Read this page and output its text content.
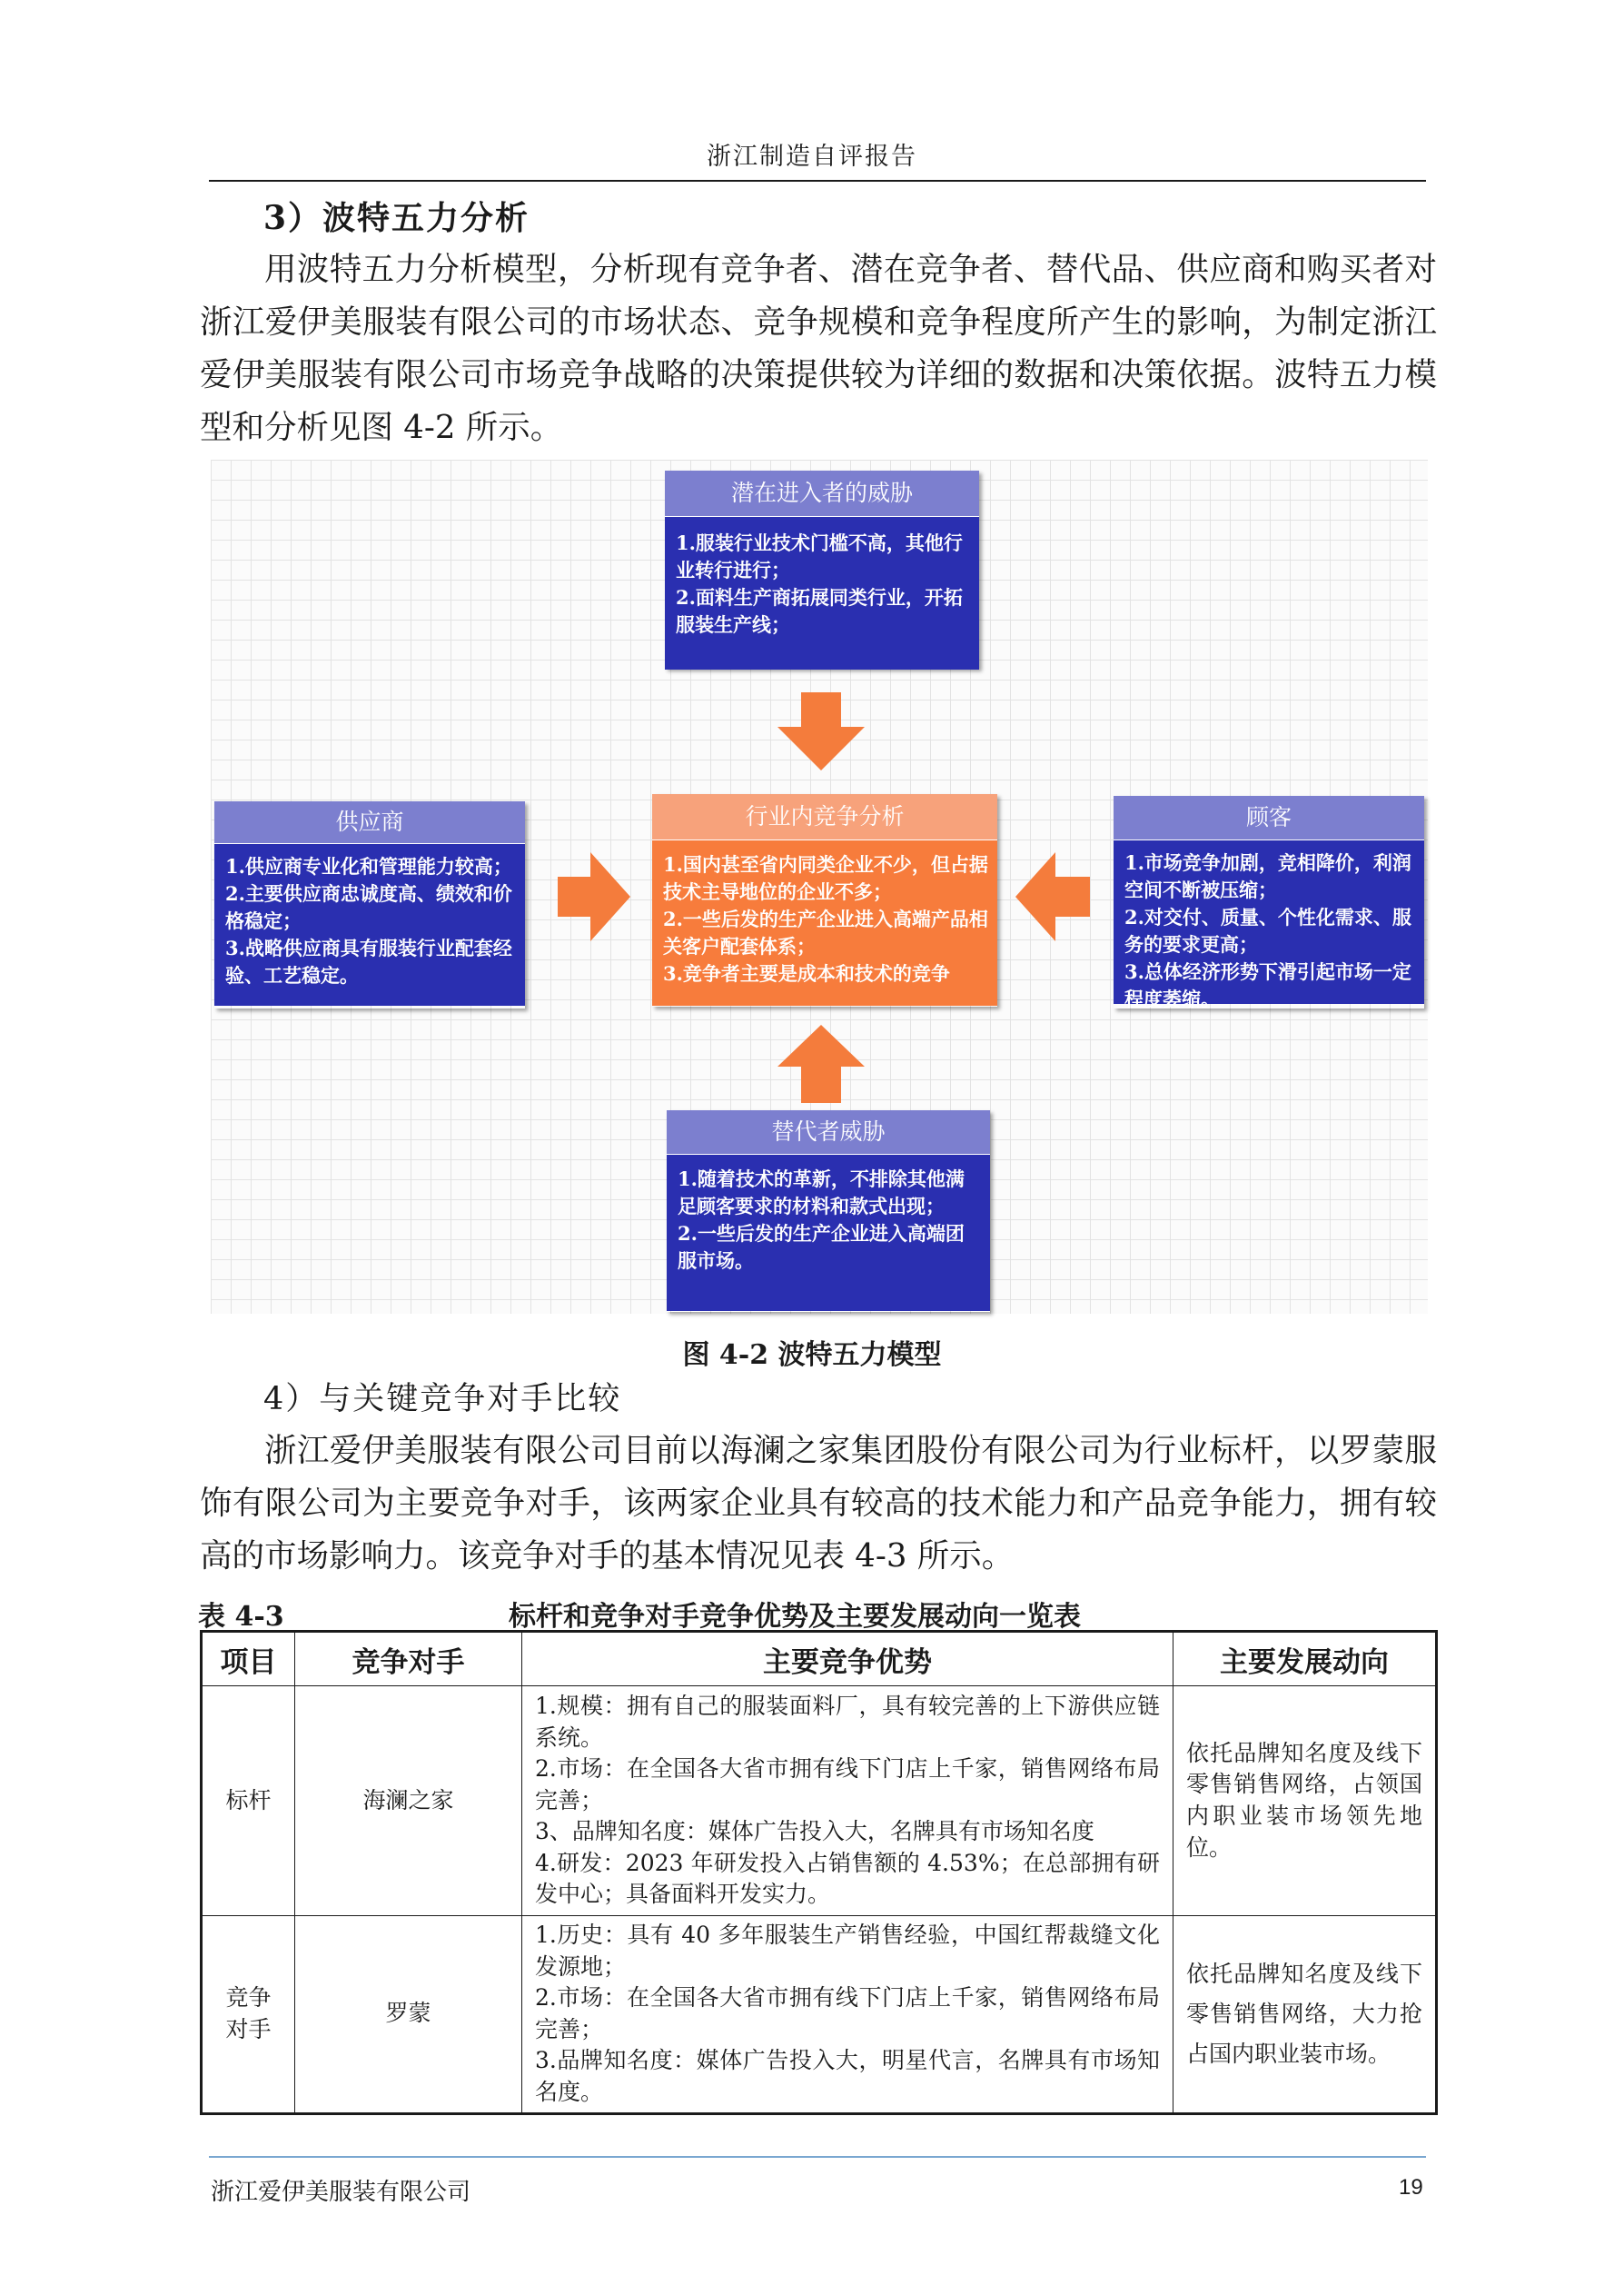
浙江制造自评报告
3）波特五力分析

用波特五力分析模型，分析现有竞争者、潜在竞争者、替代品、供应商和购买者对浙江爱伊美服装有限公司的市场状态、竞争规模和竞争程度所产生的影响，为制定浙江爱伊美服装有限公司市场竞争战略的决策提供较为详细的数据和决策依据。波特五力模型和分析见图 4-2 所示。

潜在进入者的威胁
1.服装行业技术门槛不高，其他行业转行进行；
2.面料生产商拓展同类行业，开拓服装生产线；
供应商
1.供应商专业化和管理能力较高；
2.主要供应商忠诚度高、绩效和价格稳定；
3.战略供应商具有服装行业配套经验、工艺稳定。
行业内竞争分析
1.国内甚至省内同类企业不少，但占据技术主导地位的企业不多；
2.一些后发的生产企业进入高端产品相关客户配套体系；
3.竞争者主要是成本和技术的竞争
顾客
1.市场竞争加剧，竞相降价，利润空间不断被压缩；
2.对交付、质量、个性化需求、服务的要求更高；
3.总体经济形势下滑引起市场一定程度萎缩。
替代者威胁
1.随着技术的革新，不排除其他满足顾客要求的材料和款式出现；
2.一些后发的生产企业进入高端团服市场。
图 4-2 波特五力模型
4）与关键竞争对手比较

浙江爱伊美服装有限公司目前以海澜之家集团股份有限公司为行业标杆，以罗蒙服饰有限公司为主要竞争对手，该两家企业具有较高的技术能力和产品竞争能力，拥有较高的市场影响力。该竞争对手的基本情况见表 4-3 所示。

表 4-3	标杆和竞争对手竞争优势及主要发展动向一览表
项目	竞争对手	主要竞争优势	主要发展动向
标杆	海澜之家	1.规模：拥有自己的服装面料厂，具有较完善的上下游供应链系统。
2.市场：在全国各大省市拥有线下门店上千家，销售网络布局完善；
3、品牌知名度：媒体广告投入大，名牌具有市场知名度
4.研发：2023 年研发投入占销售额的 4.53%；在总部拥有研发中心；具备面料开发实力。	依托品牌知名度及线下零售销售网络，占领国内职业装市场领先地位。
竞争
对手	罗蒙	1.历史：具有 40 多年服装生产销售经验，中国红帮裁缝文化发源地；
2.市场：在全国各大省市拥有线下门店上千家，销售网络布局完善；
3.品牌知名度：媒体广告投入大，明星代言，名牌具有市场知名度。	依托品牌知名度及线下零售销售网络，大力抢占国内职业装市场。
浙江爱伊美服装有限公司	19
